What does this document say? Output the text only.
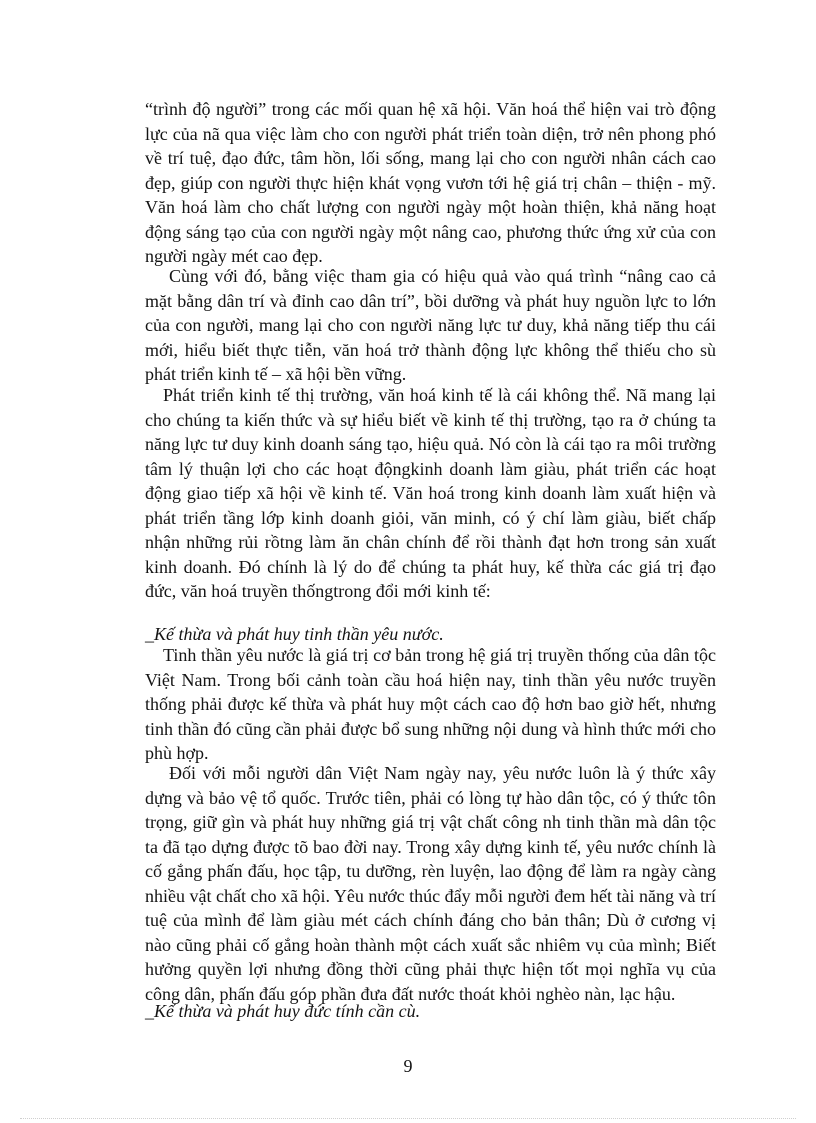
“trình độ người” trong các mối quan hệ xã hội. Văn hoá thể hiện vai trò động lực của nã qua việc làm cho con người phát triển toàn diện, trở nên phong phó về trí tuệ, đạo đức, tâm hồn, lối sống, mang lại cho con người nhân cách cao đẹp, giúp con người thực hiện khát vọng vươn tới hệ giá trị chân – thiện - mỹ. Văn hoá làm cho chất lượng con người ngày một hoàn thiện, khả năng hoạt động sáng tạo của con người ngày một nâng cao, phương thức ứng xử của con người ngày mét cao đẹp.

Cùng với đó, bằng việc tham gia có hiệu quả vào quá trình “nâng cao cả mặt bằng dân trí và đỉnh cao dân trí”, bồi dưỡng và phát huy nguồn lực to lớn của con người, mang lại cho con người năng lực tư duy, khả năng tiếp thu cái mới, hiểu biết thực tiễn, văn hoá trở thành động lực không thể thiếu cho sù phát triển kinh tế – xã hội bền vững.

Phát triển kinh tế thị trường, văn hoá kinh tế là cái không thể. Nã mang lại cho chúng ta kiến thức và sự hiểu biết về kinh tế thị trường, tạo ra ở chúng ta năng lực tư duy kinh doanh sáng tạo, hiệu quả. Nó còn là cái tạo ra môi trường tâm lý thuận lợi cho các hoạt độngkinh doanh làm giàu, phát triển các hoạt động giao tiếp xã hội về kinh tế. Văn hoá trong kinh doanh làm xuất hiện và phát triển tầng lớp kinh doanh giỏi, văn minh, có ý chí làm giàu, biết chấp nhận những rủi rồtng làm ăn chân chính để rồi thành đạt hơn trong sản xuất kinh doanh. Đó chính là lý do để chúng ta phát huy, kế thừa các giá trị đạo đức, văn hoá truyền thốngtrong đổi mới kinh tế:

_Kế thừa và phát huy tinh thần yêu nước.

Tinh thần yêu nước là giá trị cơ bản trong hệ giá trị truyền thống của dân tộc Việt Nam. Trong bối cảnh toàn cầu hoá hiện nay, tinh thần yêu nước truyền thống phải được kế thừa và phát huy một cách cao độ hơn bao giờ hết, nhưng tinh thần đó cũng cần phải được bổ sung những nội dung và hình thức mới cho phù hợp.

Đối với mỗi người dân Việt Nam ngày nay, yêu nước luôn là ý thức xây dựng và bảo vệ tổ quốc. Trước tiên, phải có lòng tự hào dân tộc, có ý thức tôn trọng, giữ gìn và phát huy những giá trị vật chất công nh tinh thần mà dân tộc ta đã tạo dựng được tõ bao đời nay. Trong xây dựng kinh tế, yêu nước chính là cố gắng phấn đấu, học tập, tu dưỡng, rèn luyện, lao động để làm ra ngày càng nhiều vật chất cho xã hội. Yêu nước thúc đẩy mỗi người đem hết tài năng và trí tuệ của mình để làm giàu mét cách chính đáng cho bản thân; Dù ở cương vị nào cũng phải cố gắng hoàn thành một cách xuất sắc nhiêm vụ của mình; Biết hưởng quyền lợi nhưng đồng thời cũng phải thực hiện tốt mọi nghĩa vụ của công dân, phấn đấu góp phần đưa đất nước thoát khỏi nghèo nàn, lạc hậu.

_Kế thừa và phát huy đức tính cần cù.

9
